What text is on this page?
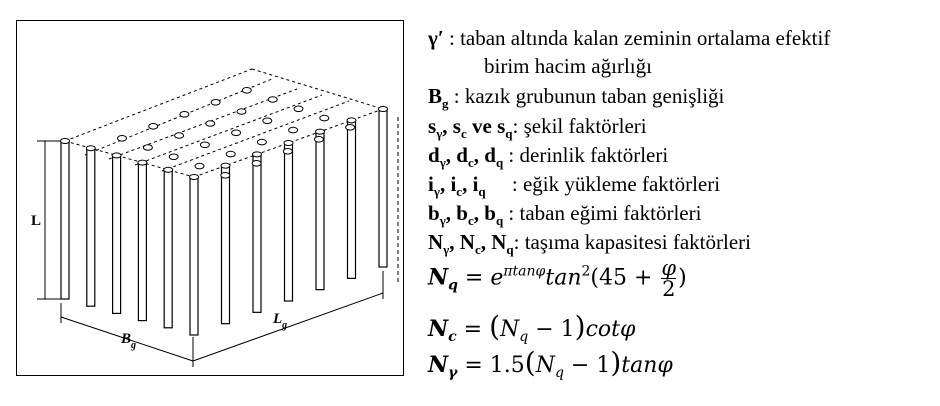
L
$B_g$
$L_g$
γ′ : taban altında kalan zeminin ortalama efektif
birim hacim ağırlığı
$B_g$ : kazık grubunun taban genişliği
$s_\gamma$, $s_c$ ve $s_q$: şekil faktörleri
$d_\gamma$, $d_c$, $d_q$ : derinlik faktörleri
$i_\gamma$, $i_c$, $i_q$     : eğik yükleme faktörleri
$b_\gamma$, $b_c$, $b_q$ : taban eğimi faktörleri
$N_\gamma$, $N_c$, $N_q$: taşıma kapasitesi faktörleri
$N_q = e^{\pi tan\varphi}\tan^2(45 + \frac{\varphi}{2}$ )
$N_c = (N_q - 1)\cot\varphi$
$N_\gamma = 1.5(N_q - 1)\tan\varphi$
